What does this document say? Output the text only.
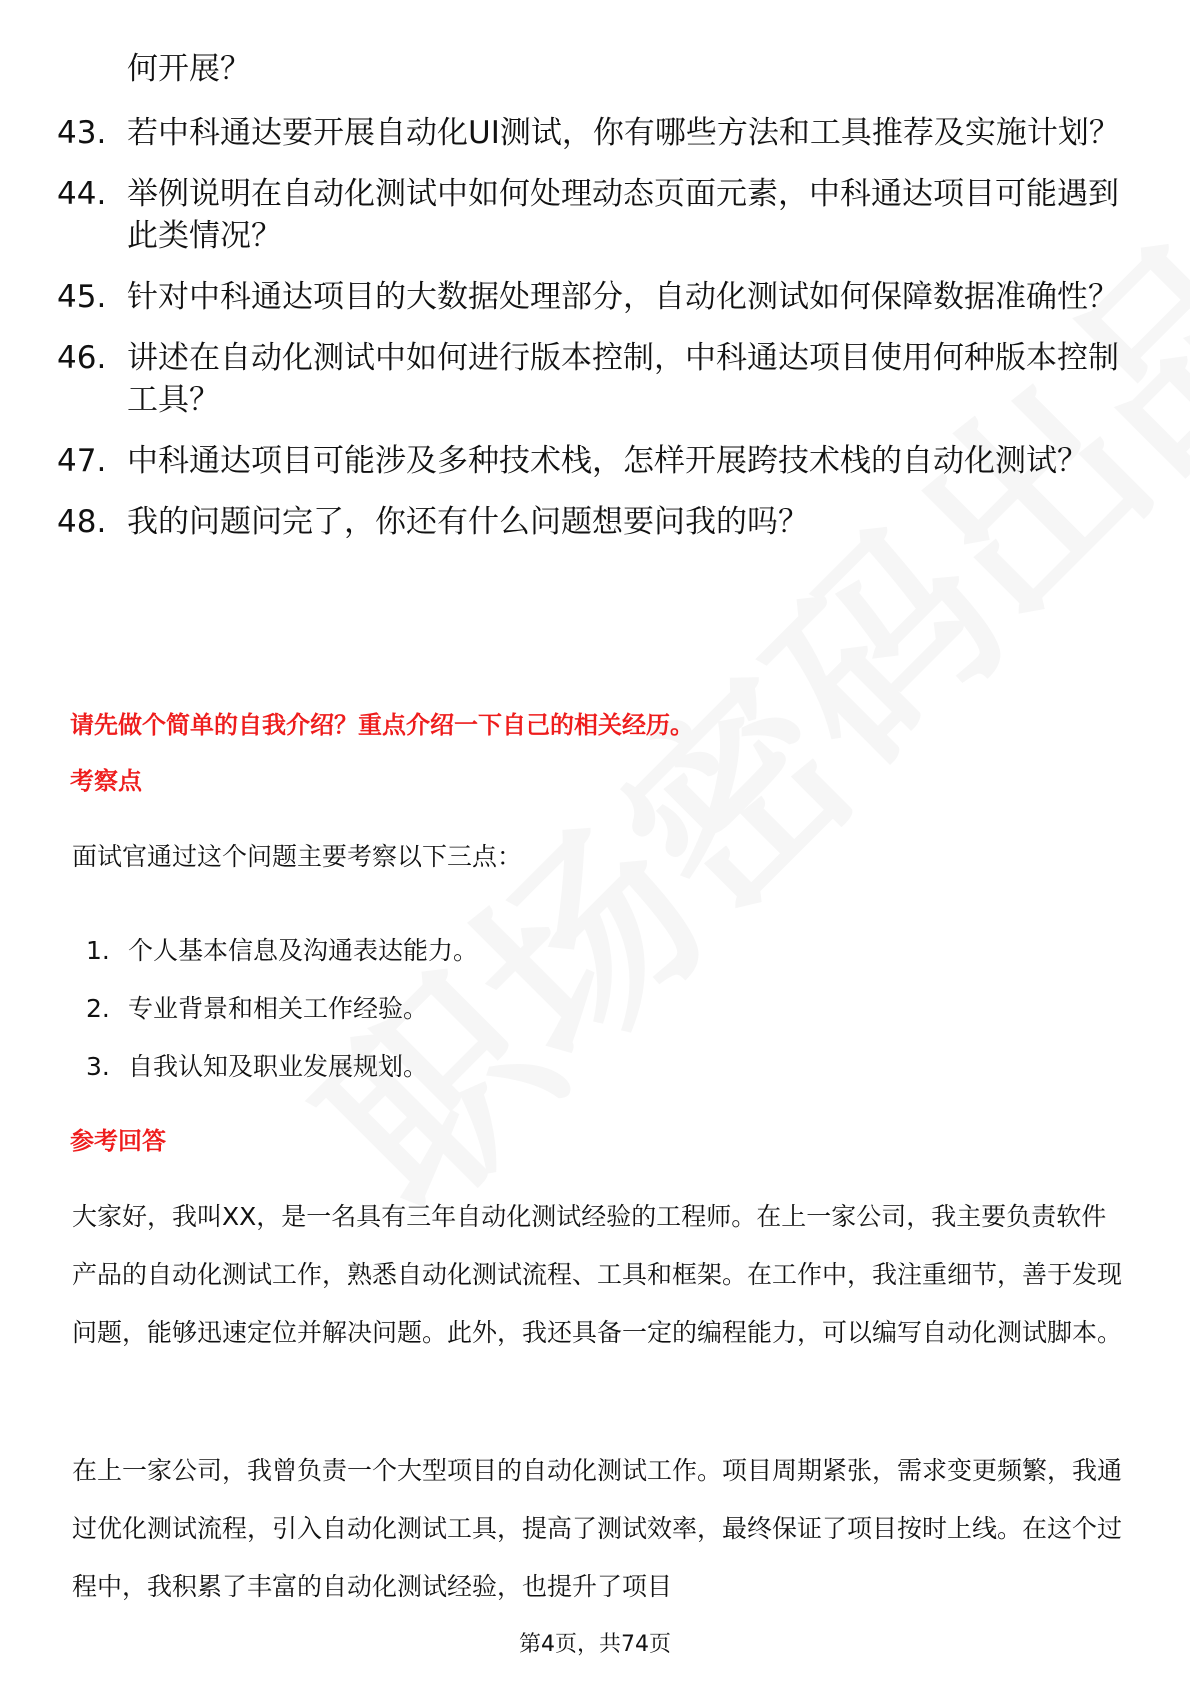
何开展？
43. 若中科通达要开展自动化UI测试，你有哪些方法和工具推荐及实施计划？
44. 举例说明在自动化测试中如何处理动态页面元素，中科通达项目可能遇到此类情况？
45. 针对中科通达项目的大数据处理部分，自动化测试如何保障数据准确性？
46. 讲述在自动化测试中如何进行版本控制，中科通达项目使用何种版本控制工具？
47. 中科通达项目可能涉及多种技术栈，怎样开展跨技术栈的自动化测试？
48. 我的问题问完了，你还有什么问题想要问我的吗？
请先做个简单的自我介绍？重点介绍一下自己的相关经历。
考察点

面试官通过这个问题主要考察以下三点：

1. 个人基本信息及沟通表达能力。
2. 专业背景和相关工作经验。
3. 自我认知及职业发展规划。
参考回答

大家好，我叫XX，是一名具有三年自动化测试经验的工程师。在上一家公司，我主要负责软件产品的自动化测试工作，熟悉自动化测试流程、工具和框架。在工作中，我注重细节，善于发现问题，能够迅速定位并解决问题。此外，我还具备一定的编程能力，可以编写自动化测试脚本。

在上一家公司，我曾负责一个大型项目的自动化测试工作。项目周期紧张，需求变更频繁，我通过优化测试流程，引入自动化测试工具，提高了测试效率，最终保证了项目按时上线。在这个过程中，我积累了丰富的自动化测试经验，也提升了项目

第4页，共74页
